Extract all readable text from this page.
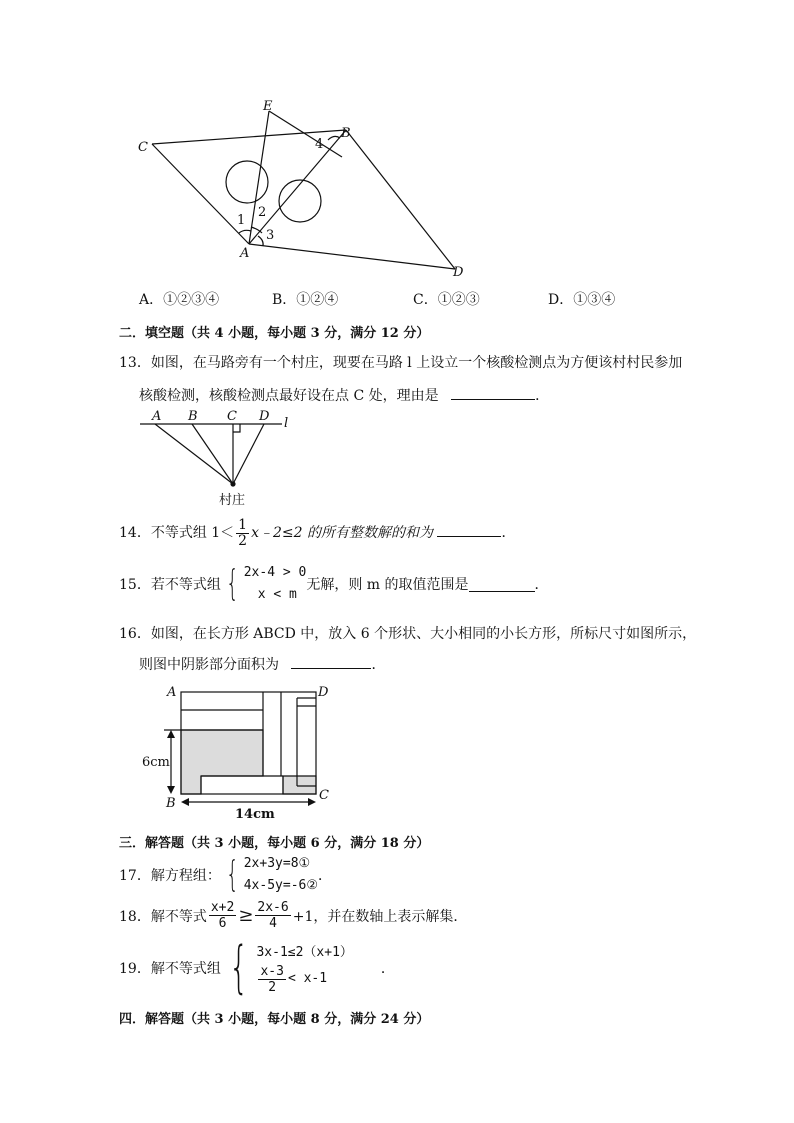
E
B
C
A
D
1
2
3
4
A．①②③④	B．①②④	C．①②③	D．①③④
二．填空题（共 4 小题，每小题 3 分，满分 12 分）
13．如图，在马路旁有一个村庄，现要在马路 l 上设立一个核酸检测点为方便该村村民参加
核酸检测，核酸检测点最好设在点 C 处，理由是	．
A B C D l
村庄
14．不等式组 $1< \frac{1}{2}$ x﹣2≤2 的所有整数解的和为	．
15．若不等式组 { 2x-4 > 0
x < m
无解，则 m 的取值范围是	．
16．如图，在长方形 ABCD 中，放入 6 个形状、大小相同的小长方形，所标尺寸如图所示，
则图中阴影部分面积为	．
A	D
B
C
6cm
14cm
三．解答题（共 3 小题，每小题 6 分，满分 18 分）
17．解方程组： { 2x+3y=8①
4x-5y=-6②
．
18．解不等式 $\frac{x+2}{6} \ge \frac{2x-6}{4} +1$，并在数轴上表示解集．
19．解不等式组 { 3x-1≤2（x+1）
$\frac{x-3}{2} < x-1$
．
四．解答题（共 3 小题，每小题 8 分，满分 24 分）
